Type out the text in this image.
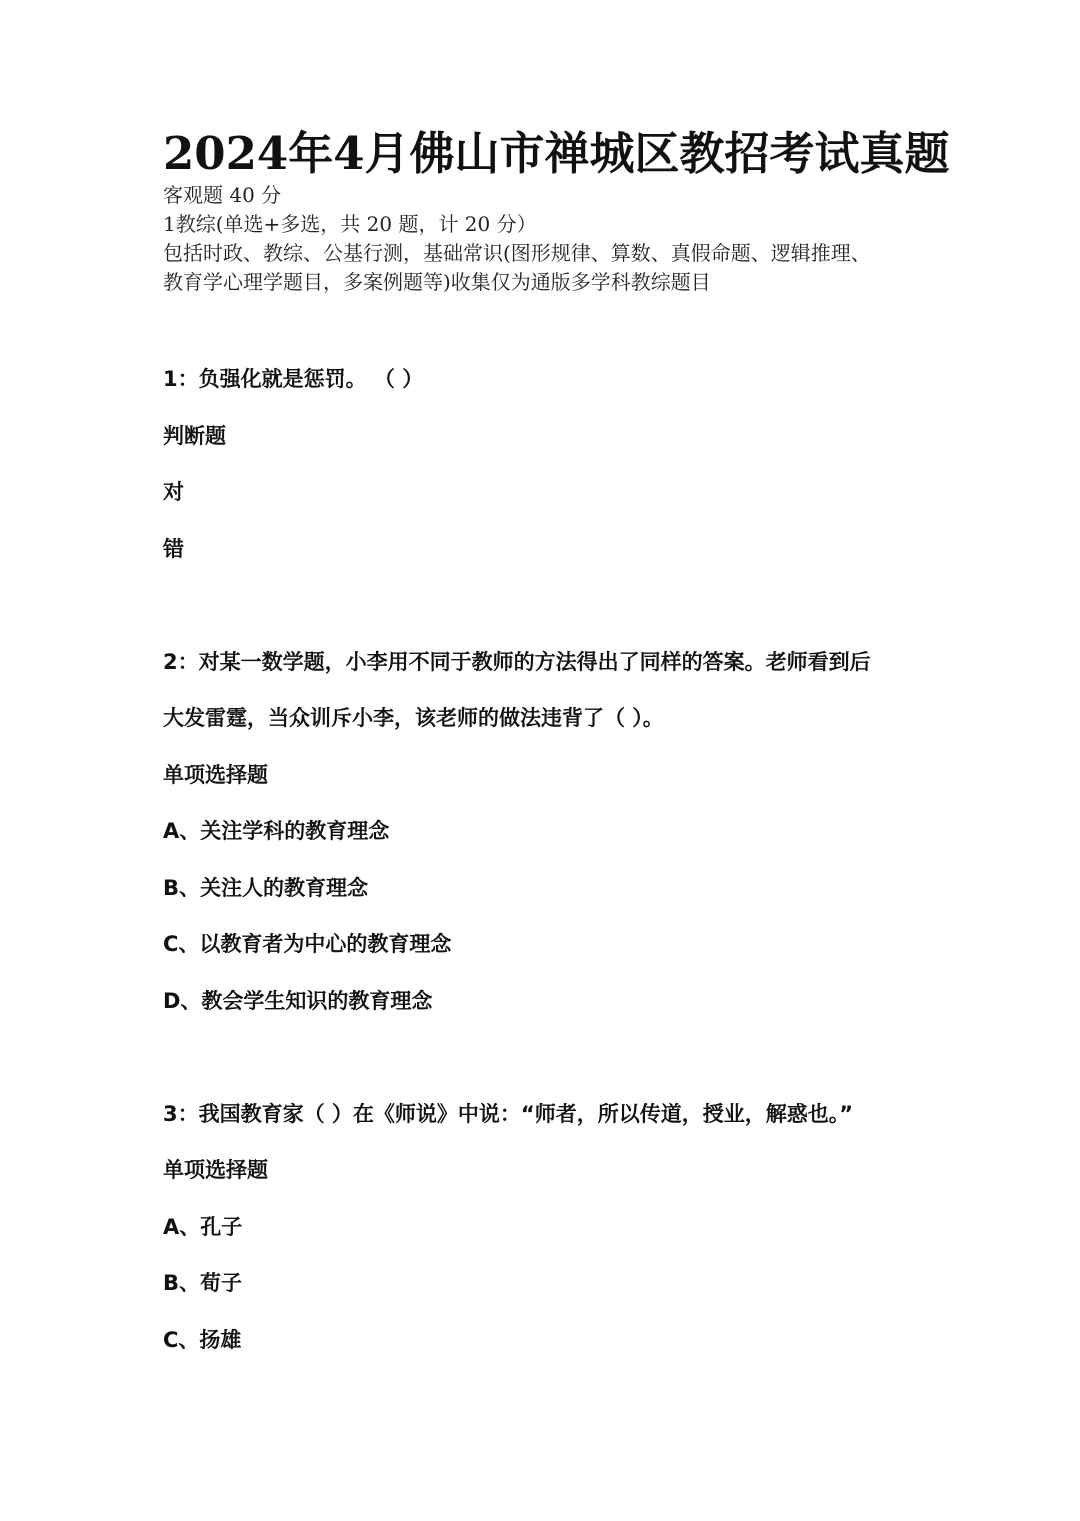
2024年4月佛山市禅城区教招考试真题
客观题 40 分
1教综(单选+多选，共 20 题，计 20 分）
包括时政、教综、公基行测，基础常识(图形规律、算数、真假命题、逻辑推理、
教育学心理学题目，多案例题等)收集仅为通版多学科教综题目
1：负强化就是惩罚。 （ ）
判断题
对
错
2：对某一数学题，小李用不同于教师的方法得出了同样的答案。老师看到后
大发雷霆，当众训斥小李，该老师的做法违背了（ ）。
单项选择题
A、关注学科的教育理念
B、关注人的教育理念
C、以教育者为中心的教育理念
D、教会学生知识的教育理念
3：我国教育家（ ）在《师说》中说：“师者，所以传道，授业，解惑也。”
单项选择题
A、孔子
B、荀子
C、扬雄
